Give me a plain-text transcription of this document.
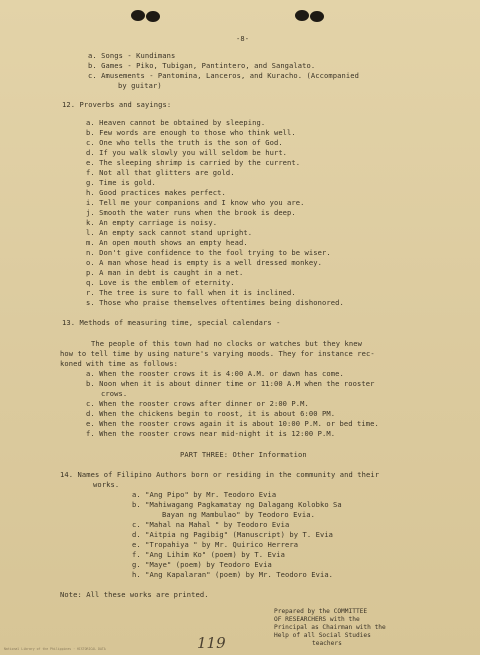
-8-
a. Songs - Kundimans
b. Games - Piko, Tubigan, Pantintero, and Sangalato.
c. Amusements - Pantomina, Lanceros, and Kuracho. (Accompanied
by guitar)
12. Proverbs and sayings:
a. Heaven cannot be obtained by sleeping.
b. Few words are enough to those who think well.
c. One who tells the truth is the son of God.
d. If you walk slowly you will seldom be hurt.
e. The sleeping shrimp is carried by the current.
f. Not all that glitters are gold.
g. Time is gold.
h. Good practices makes perfect.
i. Tell me your companions and I know who you are.
j. Smooth the water runs when the brook is deep.
k. An empty carriage is noisy.
l. An empty sack cannot stand upright.
m. An open mouth shows an empty head.
n. Don't give confidence to the fool trying to be wiser.
o. A man whose head is empty is a well dressed monkey.
p. A man in debt is caught in a net.
q. Love is the emblem of eternity.
r. The tree is sure to fall when it is inclined.
s. Those who praise themselves oftentimes being dishonored.
13. Methods of measuring time, special calendars -
The people of this town had no clocks or watches but they knew
how to tell time by using nature's varying moods. They for instance rec-
koned with time as follows:
a. When the rooster crows it is 4:00 A.M. or dawn has come.
b. Noon when it is about dinner time or 11:00 A.M when the rooster
crows.
c. When the rooster crows after dinner or 2:00 P.M.
d. When the chickens begin to roost, it is about 6:00 PM.
e. When the rooster crows again it is about 10:00 P.M. or bed time.
f. When the rooster crows near mid-night it is 12:00 P.M.
PART THREE: Other Information
14. Names of Filipino Authors born or residing in the community and their
works.
a. "Ang Pipo" by Mr. Teodoro Evia
b. "Mahiwagang Pagkamatay ng Dalagang Kolobko Sa
Bayan ng Mambulao" by Teodoro Evia.
c. "Mahal na Mahal " by Teodoro Evia
d. "Aitpia ng Pagibig" (Manuscript) by T. Evia
e. "Tropahiya " by Mr. Quirico Herrera
f. "Ang Lihim Ko" (poem) by T. Evia
g. "Maye" (poem) by Teodoro Evia
h. "Ang Kapalaran" (poem) by Mr. Teodoro Evia.
Note: All these works are printed.
Prepared by the COMMITTEE
OF RESEARCHERS with the
Principal as Chairman with the
Help of all Social Studies
teachers
119
National Library of the Philippines · HISTORICAL DATA
